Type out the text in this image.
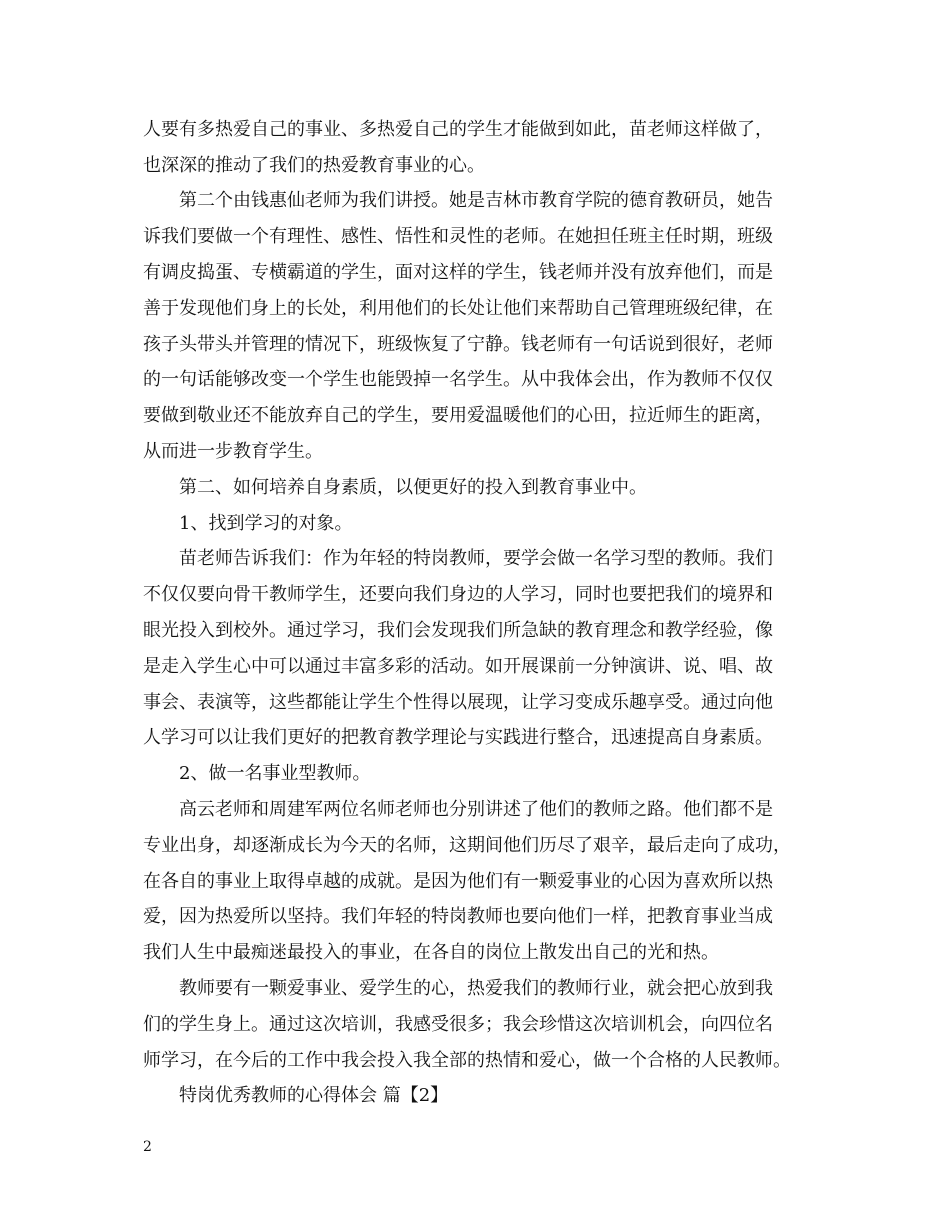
人要有多热爱自己的事业、多热爱自己的学生才能做到如此，苗老师这样做了，
也深深的推动了我们的热爱教育事业的心。
　　第二个由钱惠仙老师为我们讲授。她是吉林市教育学院的德育教研员，她告
诉我们要做一个有理性、感性、悟性和灵性的老师。在她担任班主任时期，班级
有调皮捣蛋、专横霸道的学生，面对这样的学生，钱老师并没有放弃他们，而是
善于发现他们身上的长处，利用他们的长处让他们来帮助自己管理班级纪律，在
孩子头带头并管理的情况下，班级恢复了宁静。钱老师有一句话说到很好，老师
的一句话能够改变一个学生也能毁掉一名学生。从中我体会出，作为教师不仅仅
要做到敬业还不能放弃自己的学生，要用爱温暖他们的心田，拉近师生的距离，
从而进一步教育学生。
　　第二、如何培养自身素质，以便更好的投入到教育事业中。
　　1、找到学习的对象。
　　苗老师告诉我们：作为年轻的特岗教师，要学会做一名学习型的教师。我们
不仅仅要向骨干教师学生，还要向我们身边的人学习，同时也要把我们的境界和
眼光投入到校外。通过学习，我们会发现我们所急缺的教育理念和教学经验，像
是走入学生心中可以通过丰富多彩的活动。如开展课前一分钟演讲、说、唱、故
事会、表演等，这些都能让学生个性得以展现，让学习变成乐趣享受。通过向他
人学习可以让我们更好的把教育教学理论与实践进行整合，迅速提高自身素质。
　　2、做一名事业型教师。
　　高云老师和周建军两位名师老师也分别讲述了他们的教师之路。他们都不是
专业出身，却逐渐成长为今天的名师，这期间他们历尽了艰辛，最后走向了成功，
在各自的事业上取得卓越的成就。是因为他们有一颗爱事业的心因为喜欢所以热
爱，因为热爱所以坚持。我们年轻的特岗教师也要向他们一样，把教育事业当成
我们人生中最痴迷最投入的事业，在各自的岗位上散发出自己的光和热。
　　教师要有一颗爱事业、爱学生的心，热爱我们的教师行业，就会把心放到我
们的学生身上。通过这次培训，我感受很多；我会珍惜这次培训机会，向四位名
师学习，在今后的工作中我会投入我全部的热情和爱心，做一个合格的人民教师。
　　特岗优秀教师的心得体会 篇【2】
2
